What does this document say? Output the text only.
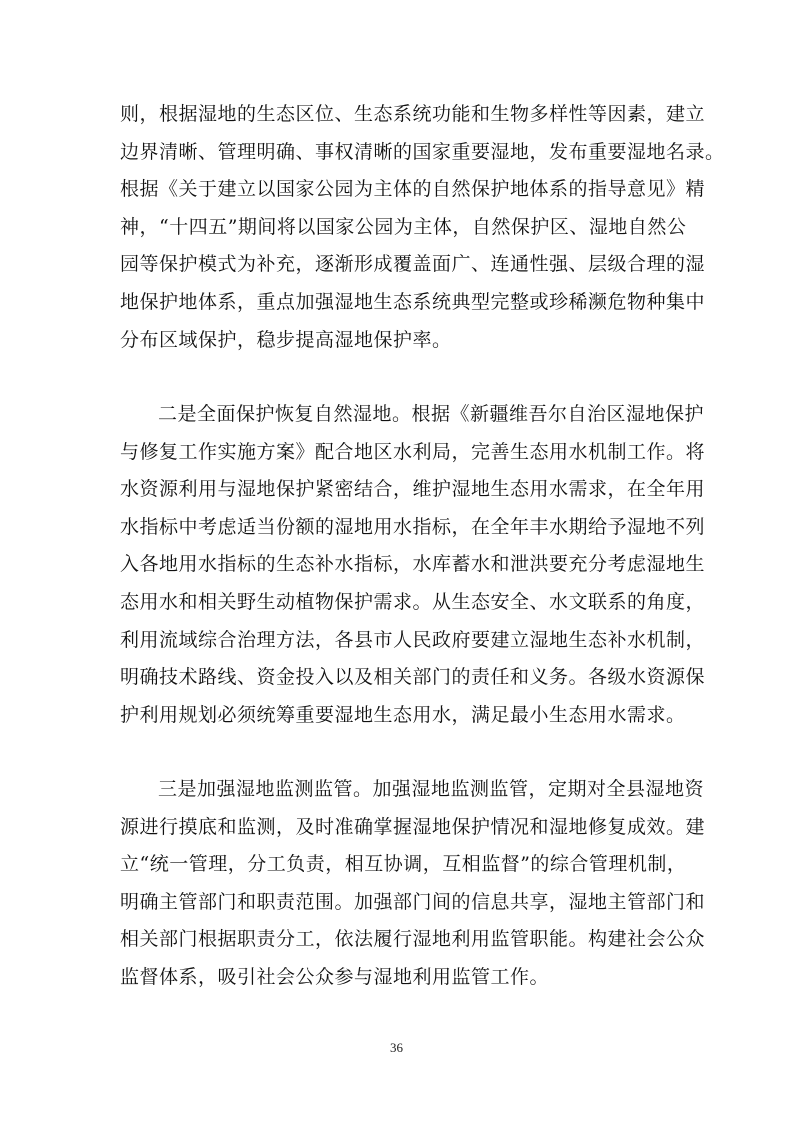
则，根据湿地的生态区位、生态系统功能和生物多样性等因素，建立
边界清晰、管理明确、事权清晰的国家重要湿地，发布重要湿地名录。
根据《关于建立以国家公园为主体的自然保护地体系的指导意见》精
神，“十四五”期间将以国家公园为主体，自然保护区、湿地自然公
园等保护模式为补充，逐渐形成覆盖面广、连通性强、层级合理的湿
地保护地体系，重点加强湿地生态系统典型完整或珍稀濒危物种集中
分布区域保护，稳步提高湿地保护率。
二是全面保护恢复自然湿地。根据《新疆维吾尔自治区湿地保护
与修复工作实施方案》配合地区水利局，完善生态用水机制工作。将
水资源利用与湿地保护紧密结合，维护湿地生态用水需求，在全年用
水指标中考虑适当份额的湿地用水指标，在全年丰水期给予湿地不列
入各地用水指标的生态补水指标，水库蓄水和泄洪要充分考虑湿地生
态用水和相关野生动植物保护需求。从生态安全、水文联系的角度，
利用流域综合治理方法，各县市人民政府要建立湿地生态补水机制，
明确技术路线、资金投入以及相关部门的责任和义务。各级水资源保
护利用规划必须统筹重要湿地生态用水，满足最小生态用水需求。
三是加强湿地监测监管。加强湿地监测监管，定期对全县湿地资
源进行摸底和监测，及时准确掌握湿地保护情况和湿地修复成效。建
立“统一管理，分工负责，相互协调，互相监督”的综合管理机制，
明确主管部门和职责范围。加强部门间的信息共享，湿地主管部门和
相关部门根据职责分工，依法履行湿地利用监管职能。构建社会公众
监督体系，吸引社会公众参与湿地利用监管工作。
36
